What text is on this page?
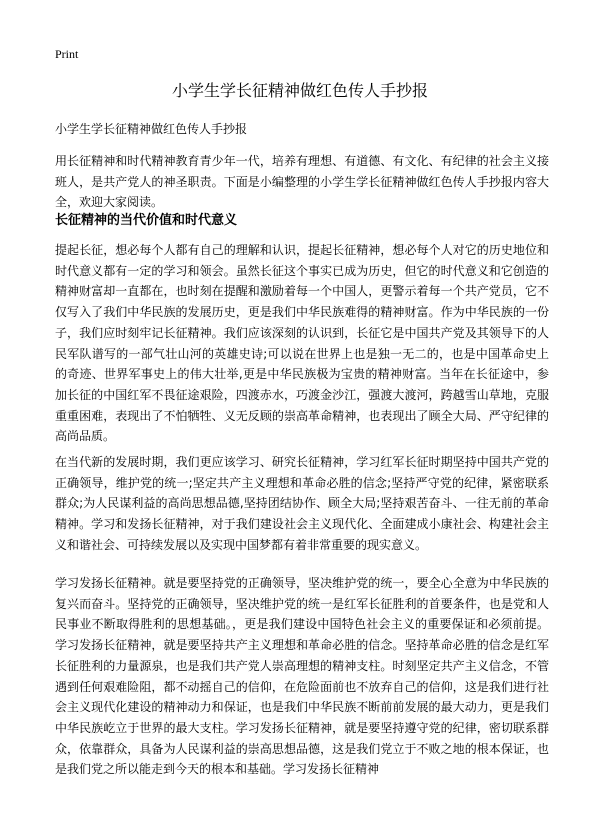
Print
小学生学长征精神做红色传人手抄报

小学生学长征精神做红色传人手抄报

用长征精神和时代精神教育青少年一代，培养有理想、有道德、有文化、有纪律的社会主义接班人，是共产党人的神圣职责。下面是小编整理的小学生学长征精神做红色传人手抄报内容大全，欢迎大家阅读。

长征精神的当代价值和时代意义

提起长征，想必每个人都有自己的理解和认识，提起长征精神，想必每个人对它的历史地位和时代意义都有一定的学习和领会。虽然长征这个事实已成为历史，但它的时代意义和它创造的精神财富却一直都在，也时刻在提醒和激励着每一个中国人，更警示着每一个共产党员，它不仅写入了我们中华民族的发展历史，更是我们中华民族难得的精神财富。作为中华民族的一份子，我们应时刻牢记长征精神。我们应该深刻的认识到，长征它是中国共产党及其领导下的人民军队谱写的一部气壮山河的英雄史诗;可以说在世界上也是独一无二的，也是中国革命史上的奇迹、世界军事史上的伟大壮举,更是中华民族极为宝贵的精神财富。当年在长征途中，参加长征的中国红军不畏征途艰险，四渡赤水，巧渡金沙江，强渡大渡河，跨越雪山草地，克服重重困难，表现出了不怕牺牲、义无反顾的崇高革命精神，也表现出了顾全大局、严守纪律的高尚品质。

在当代新的发展时期，我们更应该学习、研究长征精神，学习红军长征时期坚持中国共产党的正确领导，维护党的统一;坚定共产主义理想和革命必胜的信念;坚持严守党的纪律，紧密联系群众;为人民谋利益的高尚思想品德,坚持团结协作、顾全大局;坚持艰苦奋斗、一往无前的革命精神。学习和发扬长征精神，对于我们建设社会主义现代化、全面建成小康社会、构建社会主义和谐社会、可持续发展以及实现中国梦都有着非常重要的现实意义。

学习发扬长征精神。就是要坚持党的正确领导，坚决维护党的统一，要全心全意为中华民族的复兴而奋斗。坚持党的正确领导，坚决维护党的统一是红军长征胜利的首要条件，也是党和人民事业不断取得胜利的思想基础。，更是我们建设中国特色社会主义的重要保证和必须前提。学习发扬长征精神，就是要坚持共产主义理想和革命必胜的信念。坚持革命必胜的信念是红军长征胜利的力量源泉，也是我们共产党人崇高理想的精神支柱。时刻坚定共产主义信念，不管遇到任何艰难险阻，都不动摇自己的信仰，在危险面前也不放弃自己的信仰，这是我们进行社会主义现代化建设的精神动力和保证，也是我们中华民族不断前前发展的最大动力，更是我们中华民族屹立于世界的最大支柱。学习发扬长征精神，就是要坚持遵守党的纪律，密切联系群众，依靠群众，具备为人民谋利益的崇高思想品德，这是我们党立于不败之地的根本保证，也是我们党之所以能走到今天的根本和基础。学习发扬长征精神
